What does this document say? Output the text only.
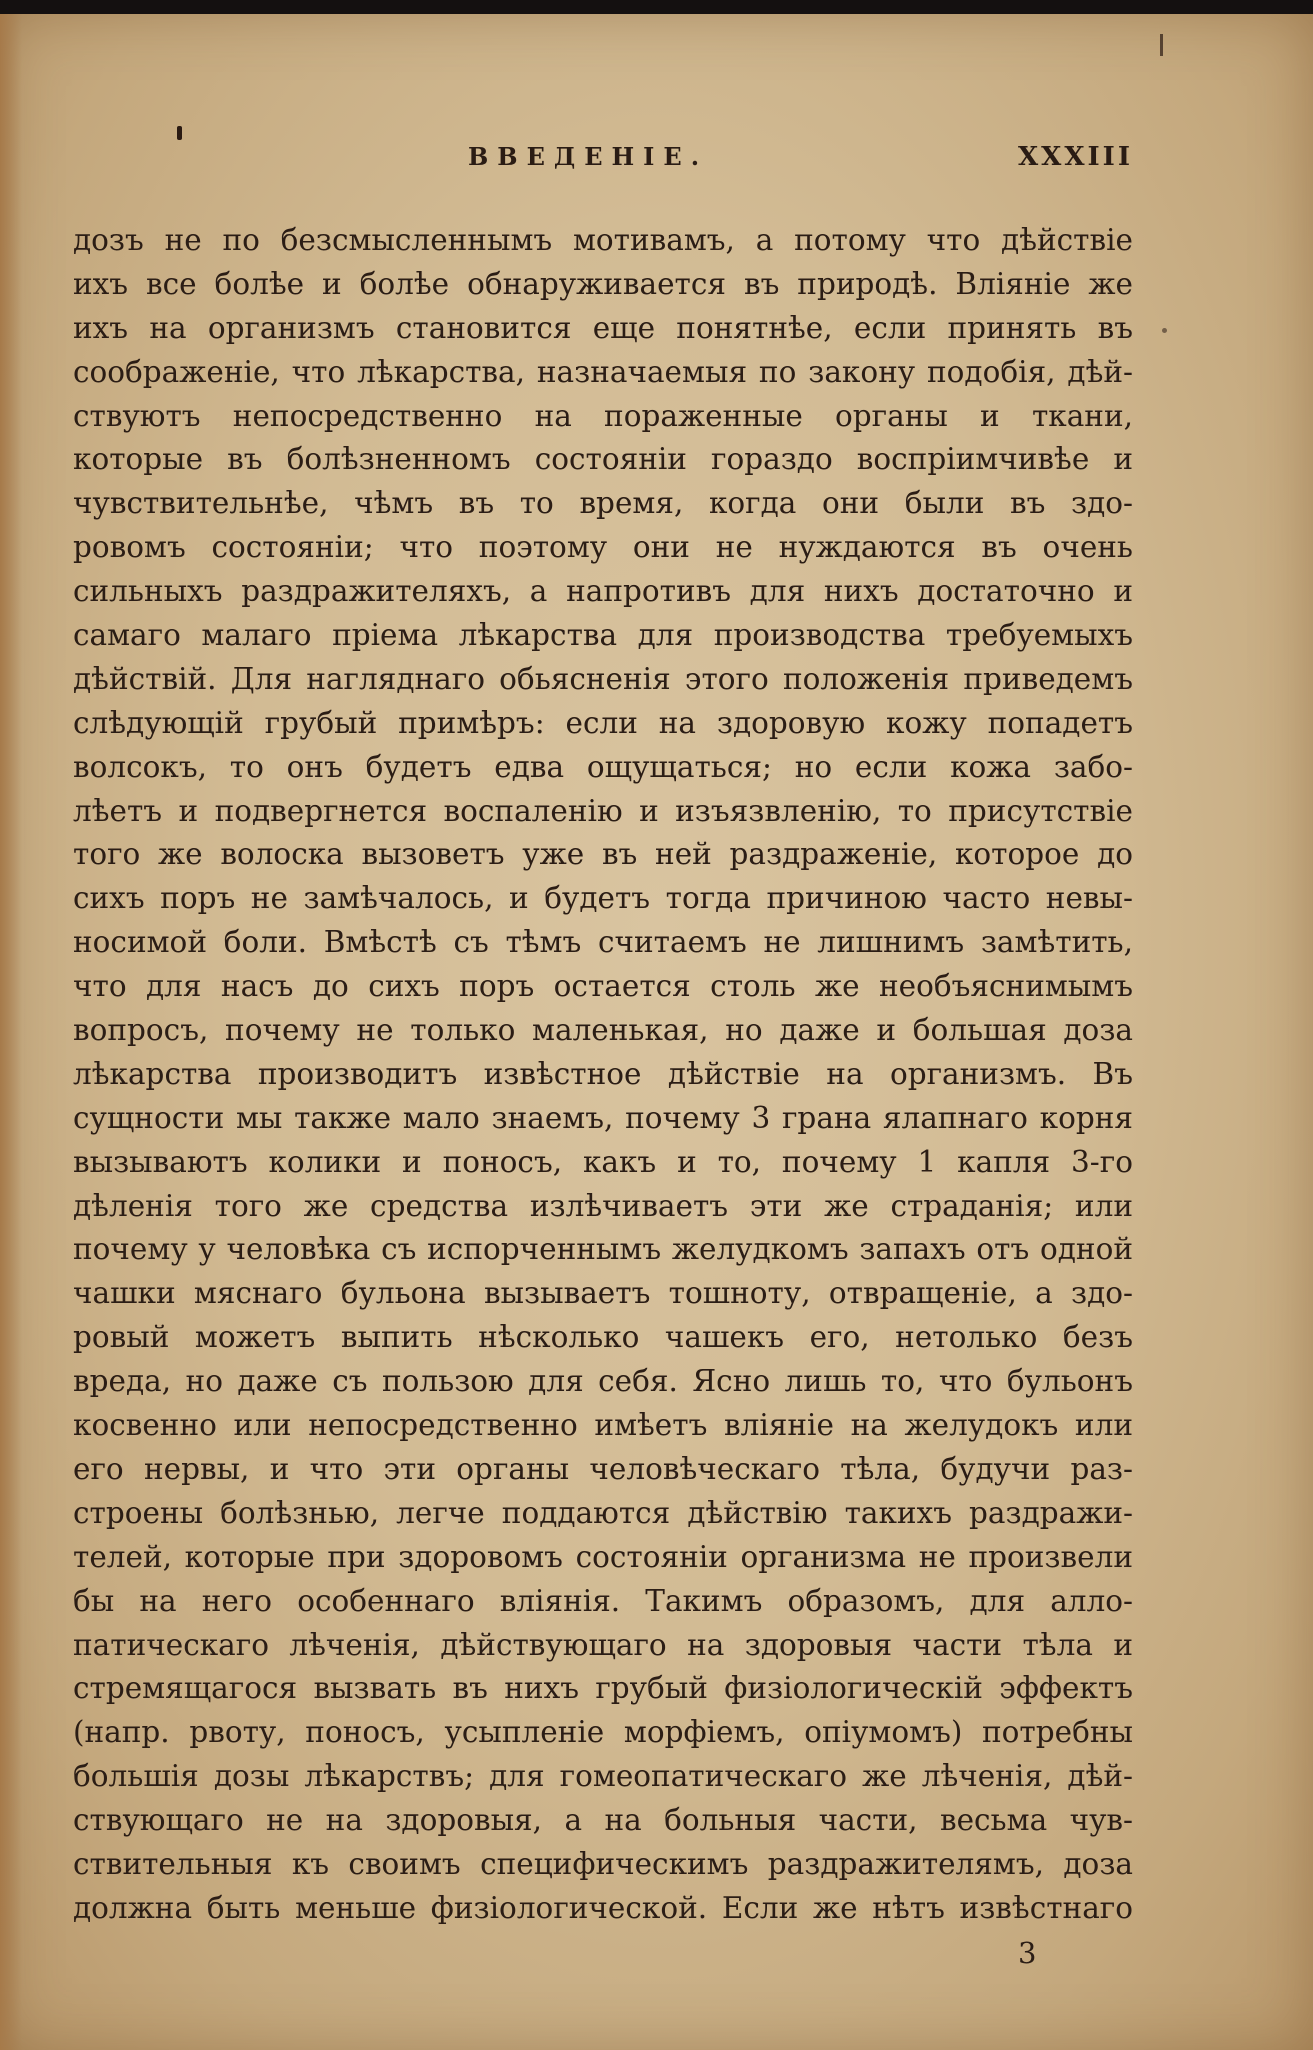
ВВЕДЕНIЕ.	XXXIII
дозъ не по безсмысленнымъ мотивамъ, а потому что дѣйствіе
ихъ все болѣе и болѣе обнаруживается въ природѣ. Вліяніе же
ихъ на организмъ становится еще понятнѣе, если принять въ
соображеніе, что лѣкарства, назначаемыя по закону подобія, дѣй-
ствуютъ непосредственно на пораженные органы и ткани,
которые въ болѣзненномъ состояніи гораздо воспріимчивѣе и
чувствительнѣе, чѣмъ въ то время, когда они были въ здо-
ровомъ состояніи; что поэтому они не нуждаются въ очень
сильныхъ раздражителяхъ, а напротивъ для нихъ достаточно и
самаго малаго пріема лѣкарства для производства требуемыхъ
дѣйствій. Для нагляднаго обьясненія этого положенія приведемъ
слѣдующій грубый примѣръ: если на здоровую кожу попадетъ
волсокъ, то онъ будетъ едва ощущаться; но если кожа забо-
лѣетъ и подвергнется воспаленію и изъязвленію, то присутствіе
того же волоска вызоветъ уже въ ней раздраженіе, которое до
сихъ поръ не замѣчалось, и будетъ тогда причиною часто невы-
носимой боли. Вмѣстѣ съ тѣмъ считаемъ не лишнимъ замѣтить,
что для насъ до сихъ поръ остается столь же необъяснимымъ
вопросъ, почему не только маленькая, но даже и большая доза
лѣкарства производитъ извѣстное дѣйствіе на организмъ. Въ
сущности мы также мало знаемъ, почему 3 грана ялапнаго корня
вызываютъ колики и поносъ, какъ и то, почему 1 капля 3-го
дѣленія того же средства излѣчиваетъ эти же страданія; или
почему у человѣка съ испорченнымъ желудкомъ запахъ отъ одной
чашки мяснаго бульона вызываетъ тошноту, отвращеніе, а здо-
ровый можетъ выпить нѣсколько чашекъ его, нетолько безъ
вреда, но даже съ пользою для себя. Ясно лишь то, что бульонъ
косвенно или непосредственно имѣетъ вліяніе на желудокъ или
его нервы, и что эти органы человѣческаго тѣла, будучи раз-
строены болѣзнью, легче поддаются дѣйствію такихъ раздражи-
телей, которые при здоровомъ состояніи организма не произвели
бы на него особеннаго вліянія. Такимъ образомъ, для алло-
патическаго лѣченія, дѣйствующаго на здоровыя части тѣла и
стремящагося вызвать въ нихъ грубый физiологическій эффектъ
(напр. рвоту, поносъ, усыпленіе морфіемъ, опіумомъ) потребны
большія дозы лѣкарствъ; для гомеопатическаго же лѣченія, дѣй-
ствующаго не на здоровыя, а на больныя части, весьма чув-
ствительныя къ своимъ специфическимъ раздражителямъ, доза
должна быть меньше физіологической. Если же нѣтъ извѣстнаго
3
